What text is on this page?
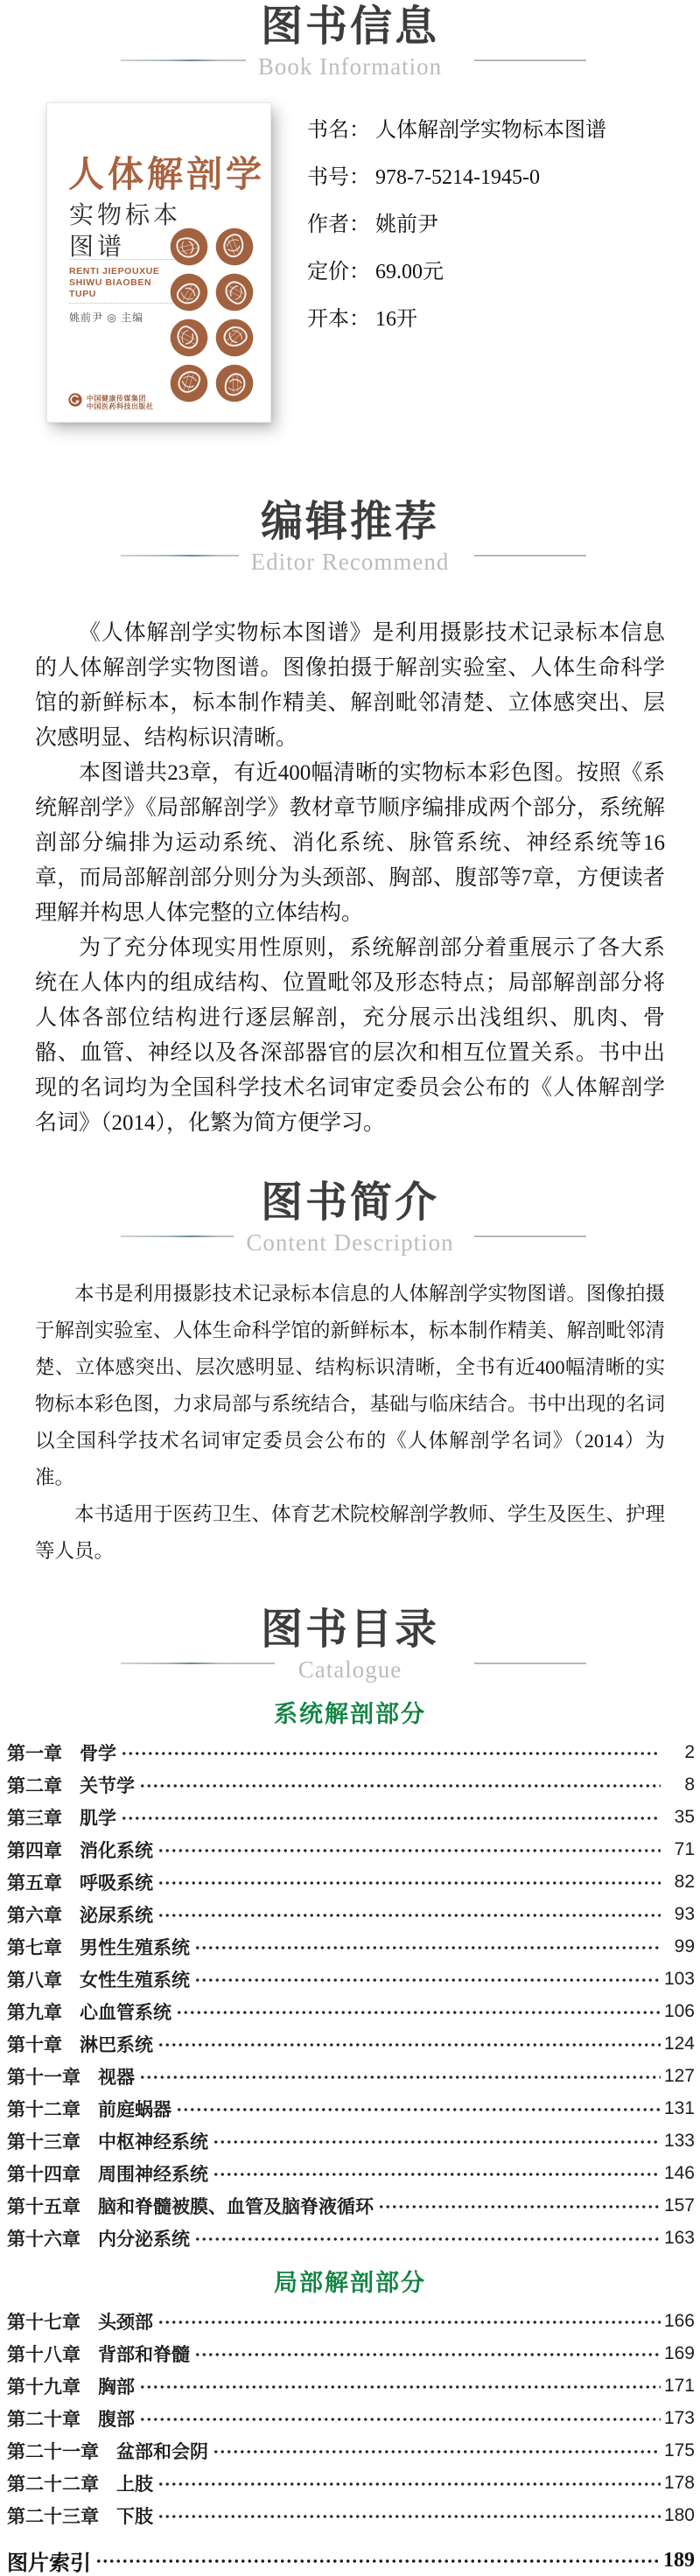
图书信息
Book Information
人体解剖学
实物标本
图谱
RENTI JIEPOUXUE
SHIWU BIAOBEN
TUPU
姚前尹 ◎ 主编
中国健康传媒集团
中国医药科技出版社
书名： 人体解剖学实物标本图谱
书号： 978-7-5214-1945-0
作者： 姚前尹
定价： 69.00元
开本： 16开
编辑推荐
Editor Recommend

《人体解剖学实物标本图谱》是利用摄影技术记录标本信息的人体解剖学实物图谱。图像拍摄于解剖实验室、人体生命科学馆的新鲜标本，标本制作精美、解剖毗邻清楚、立体感突出、层次感明显、结构标识清晰。

本图谱共23章，有近400幅清晰的实物标本彩色图。按照《系统解剖学》《局部解剖学》教材章节顺序编排成两个部分，系统解剖部分编排为运动系统、消化系统、脉管系统、神经系统等16章，而局部解剖部分则分为头颈部、胸部、腹部等7章，方便读者理解并构思人体完整的立体结构。

为了充分体现实用性原则，系统解剖部分着重展示了各大系统在人体内的组成结构、位置毗邻及形态特点；局部解剖部分将人体各部位结构进行逐层解剖，充分展示出浅组织、肌肉、骨骼、血管、神经以及各深部器官的层次和相互位置关系。书中出现的名词均为全国科学技术名词审定委员会公布的《人体解剖学名词》（2014），化繁为简方便学习。

图书简介
Content Description

本书是利用摄影技术记录标本信息的人体解剖学实物图谱。图像拍摄于解剖实验室、人体生命科学馆的新鲜标本，标本制作精美、解剖毗邻清楚、立体感突出、层次感明显、结构标识清晰，全书有近400幅清晰的实物标本彩色图，力求局部与系统结合，基础与临床结合。书中出现的名词以全国科学技术名词审定委员会公布的《人体解剖学名词》（2014）为准。

本书适用于医药卫生、体育艺术院校解剖学教师、学生及医生、护理等人员。

图书目录
Catalogue
系统解剖部分
第一章 骨学	2
第二章 关节学	8
第三章 肌学	35
第四章 消化系统	71
第五章 呼吸系统	82
第六章 泌尿系统	93
第七章 男性生殖系统	99
第八章 女性生殖系统	103
第九章 心血管系统	106
第十章 淋巴系统	124
第十一章 视器	127
第十二章 前庭蜗器	131
第十三章 中枢神经系统	133
第十四章 周围神经系统	146
第十五章 脑和脊髓被膜、血管及脑脊液循环	157
第十六章 内分泌系统	163
局部解剖部分
第十七章 头颈部	166
第十八章 背部和脊髓	169
第十九章 胸部	171
第二十章 腹部	173
第二十一章 盆部和会阴	175
第二十二章 上肢	178
第二十三章 下肢	180
图片索引	189
